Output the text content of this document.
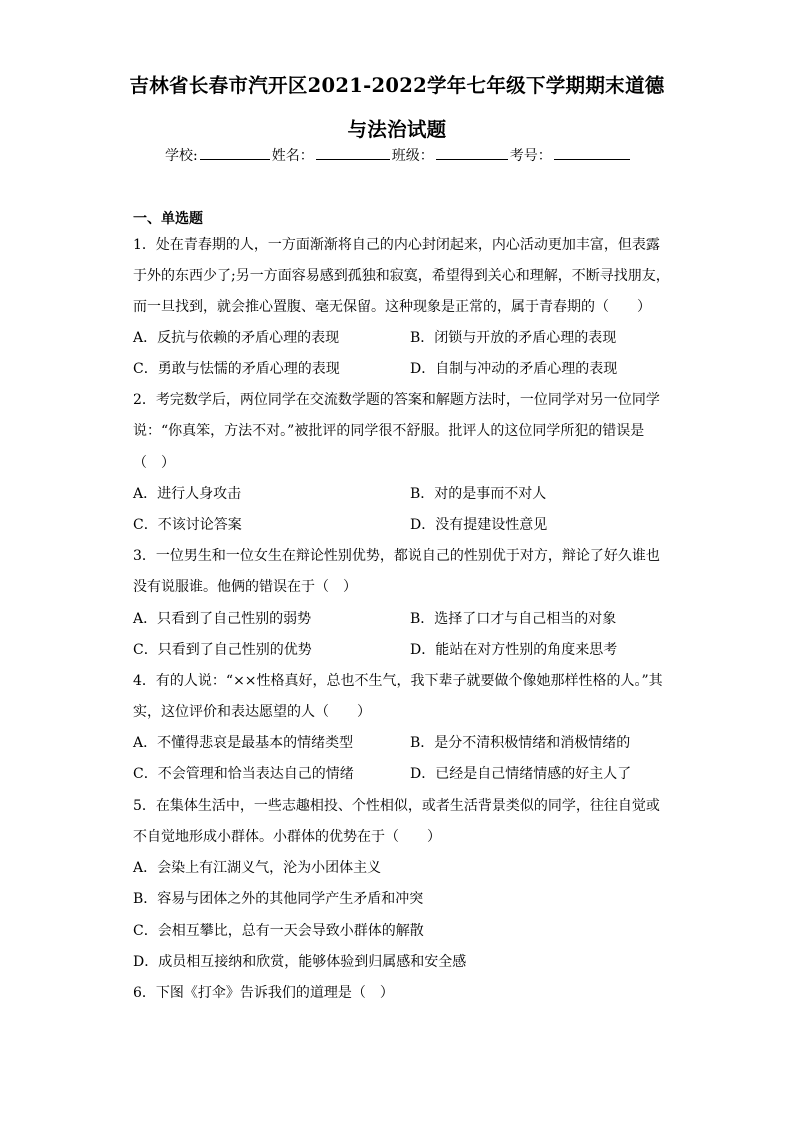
吉林省长春市汽开区2021-2022学年七年级下学期期末道德
与法治试题
学校:	姓名：	班级：	考号：
一、单选题
1．处在青春期的人，一方面渐渐将自己的内心封闭起来，内心活动更加丰富，但表露
于外的东西少了;另一方面容易感到孤独和寂寞，希望得到关心和理解，不断寻找朋友，
而一旦找到，就会推心置腹、毫无保留。这种现象是正常的，属于青春期的（　　）
A．反抗与依赖的矛盾心理的表现	B．闭锁与开放的矛盾心理的表现
C．勇敢与怯懦的矛盾心理的表现	D．自制与冲动的矛盾心理的表现
2．考完数学后，两位同学在交流数学题的答案和解题方法时，一位同学对另一位同学
说：“你真笨，方法不对。”被批评的同学很不舒服。批评人的这位同学所犯的错误是
（　）
A．进行人身攻击	B．对的是事而不对人
C．不该讨论答案	D．没有提建设性意见
3．一位男生和一位女生在辩论性别优势，都说自己的性别优于对方，辩论了好久谁也
没有说服谁。他俩的错误在于（　）
A．只看到了自己性别的弱势	B．选择了口才与自己相当的对象
C．只看到了自己性别的优势	D．能站在对方性别的角度来思考
4．有的人说：“××性格真好，总也不生气，我下辈子就要做个像她那样性格的人。”其
实，这位评价和表达愿望的人（　　）
A．不懂得悲哀是最基本的情绪类型	B．是分不清积极情绪和消极情绪的
C．不会管理和恰当表达自己的情绪	D．已经是自己情绪情感的好主人了
5．在集体生活中，一些志趣相投、个性相似，或者生活背景类似的同学，往往自觉或
不自觉地形成小群体。小群体的优势在于（　　）
A．会染上有江湖义气，沦为小团体主义
B．容易与团体之外的其他同学产生矛盾和冲突
C．会相互攀比，总有一天会导致小群体的解散
D．成员相互接纳和欣赏，能够体验到归属感和安全感
6．下图《打伞》告诉我们的道理是（　）
